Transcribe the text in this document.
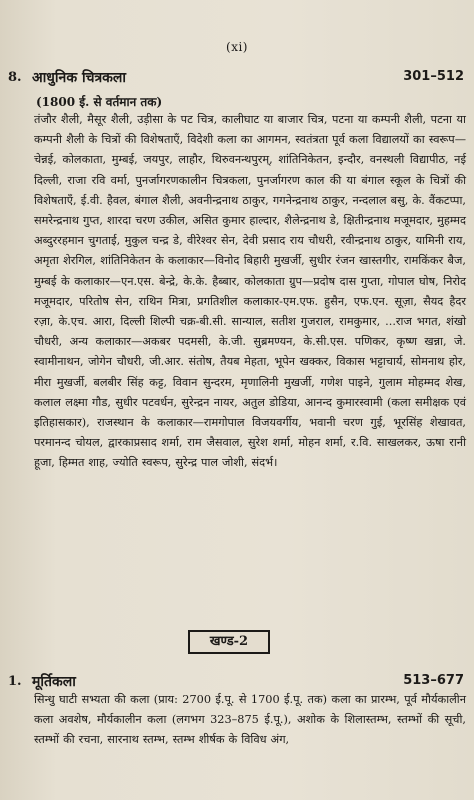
(xi)
8. आधुनिक चित्रकला	301–512
(1800 ई. से वर्तमान तक)
तंजौर शैली, मैसूर शैली, उड़ीसा के पट चित्र, कालीघाट या बाजार चित्र, पटना या कम्पनी शैली, पटना या कम्पनी शैली के चित्रों की विशेषताएँ, विदेशी कला का आगमन, स्वतंत्रता पूर्व कला विद्यालयों का स्वरूप—चेन्नई, कोलकाता, मुम्बई, जयपुर, लाहौर, थिरुवनन्थपुरम्, शांतिनिकेतन, इन्दौर, वनस्थली विद्यापीठ, नई दिल्ली, राजा रवि वर्मा, पुनर्जागरणकालीन चित्रकला, पुनर्जागरण काल की या बंगाल स्कूल के चित्रों की विशेषताएँ, ई.वी. हैवल, बंगाल शैली, अवनीन्द्रनाथ ठाकुर, गगनेन्द्रनाथ ठाकुर, नन्दलाल बसु, के. वैंकटप्पा, समरेन्द्रनाथ गुप्त, शारदा चरण उकील, असित कुमार हाल्दार, शैलेन्द्रनाथ डे, क्षितीन्द्रनाथ मजूमदार, मुहम्मद अब्दुररहमान चुगताई, मुकुल चन्द्र डे, वीरेश्वर सेन, देवी प्रसाद राय चौधरी, रवीन्द्रनाथ ठाकुर, यामिनी राय, अमृता शेरगिल, शांतिनिकेतन के कलाकार—विनोद बिहारी मुखर्जी, सुधीर रंजन खास्तगीर, रामकिंकर बैज, मुम्बई के कलाकार—एन.एस. बेन्द्रे, के.के. हैब्बार, कोलकाता ग्रुप—प्रदोष दास गुप्ता, गोपाल घोष, निरोद मजूमदार, परितोष सेन, राथिन मित्रा, प्रगतिशील कलाकार-एम.एफ. हुसैन, एफ.एन. सूज़ा, सैयद हैदर रज़ा, के.एच. आरा, दिल्ली शिल्पी चक्र-बी.सी. सान्याल, सतीश गुजराल, रामकुमार, ...राज भगत, शंखो चौधरी, अन्य कलाकार—अकबर पदमसी, के.जी. सुब्रमण्यन, के.सी.एस. पणिकर, कृष्ण खन्ना, जे. स्वामीनाथन, जोगेन चौधरी, जी.आर. संतोष, तैयब मेहता, भूपेन खक्कर, विकास भट्टाचार्य, सोमनाथ होर, मीरा मुखर्जी, बलबीर सिंह कट्ट, विवान सुन्दरम, मृणालिनी मुखर्जी, गणेश पाइने, गुलाम मोहम्मद शेख, कलाल लक्ष्मा गौड, सुधीर पटवर्धन, सुरेन्द्रन नायर, अतुल डोडिया, आनन्द कुमारस्वामी (कला समीक्षक एवं इतिहासकार), राजस्थान के कलाकार—रामगोपाल विजयवर्गीय, भवानी चरण गुई, भूरसिंह शेखावत, परमानन्द चोयल, द्वारकाप्रसाद शर्मा, राम जैसवाल, सुरेश शर्मा, मोहन शर्मा, र.वि. साखलकर, ऊषा रानी हूजा, हिम्मत शाह, ज्योति स्वरूप, सुरेन्द्र पाल जोशी, संदर्भ।
खण्ड-2
1. मूर्तिकला	513–677
सिन्धु घाटी सभ्यता की कला (प्राय: 2700 ई.पू. से 1700 ई.पू. तक) कला का प्रारम्भ, पूर्व मौर्यकालीन कला अवशेष, मौर्यकालीन कला (लगभग 323–875 ई.पू.), अशोक के शिलास्तम्भ, स्तम्भों की सूची, स्तम्भों की रचना, सारनाथ स्तम्भ, स्तम्भ शीर्षक के विविध अंग,
